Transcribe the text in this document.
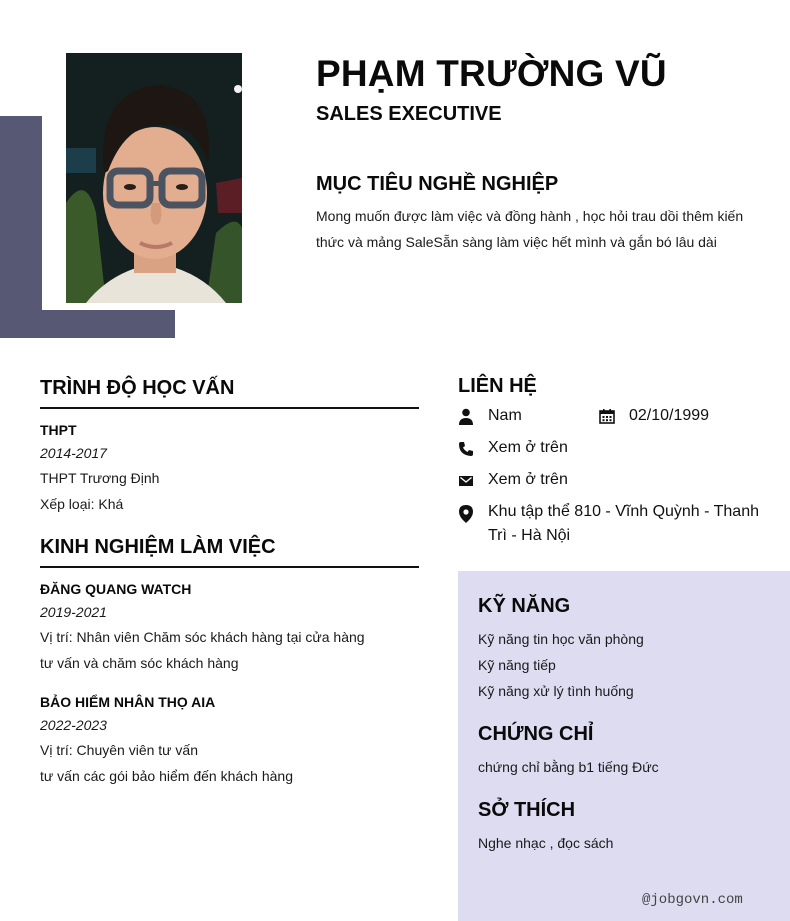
PHẠM TRƯỜNG VŨ
SALES EXECUTIVE
MỤC TIÊU NGHỀ NGHIỆP
Mong muốn được làm việc và đồng hành , học hỏi trau dồi thêm kiến thức và mảng SaleSẵn sàng làm việc hết mình và gắn bó lâu dài
TRÌNH ĐỘ HỌC VẤN
THPT
2014-2017
THPT Trương Định
Xếp loại: Khá
KINH NGHIỆM LÀM VIỆC
ĐĂNG QUANG WATCH
2019-2021
Vị trí: Nhân viên Chăm sóc khách hàng tại cửa hàng
tư vấn và chăm sóc khách hàng
BẢO HIỂM NHÂN THỌ AIA
2022-2023
Vị trí: Chuyên viên tư vấn
tư vấn các gói bảo hiểm đến khách hàng
LIÊN HỆ
Nam	02/10/1999
Xem ở trên
Xem ở trên
Khu tập thể 810 - Vĩnh Quỳnh - Thanh
Trì - Hà Nội
KỸ NĂNG
Kỹ năng tin học văn phòng
Kỹ năng tiếp
Kỹ năng xử lý tình huống
CHỨNG CHỈ
chứng chỉ bằng b1 tiếng Đức
SỞ THÍCH
Nghe nhạc , đọc sách
@jobgovn.com
